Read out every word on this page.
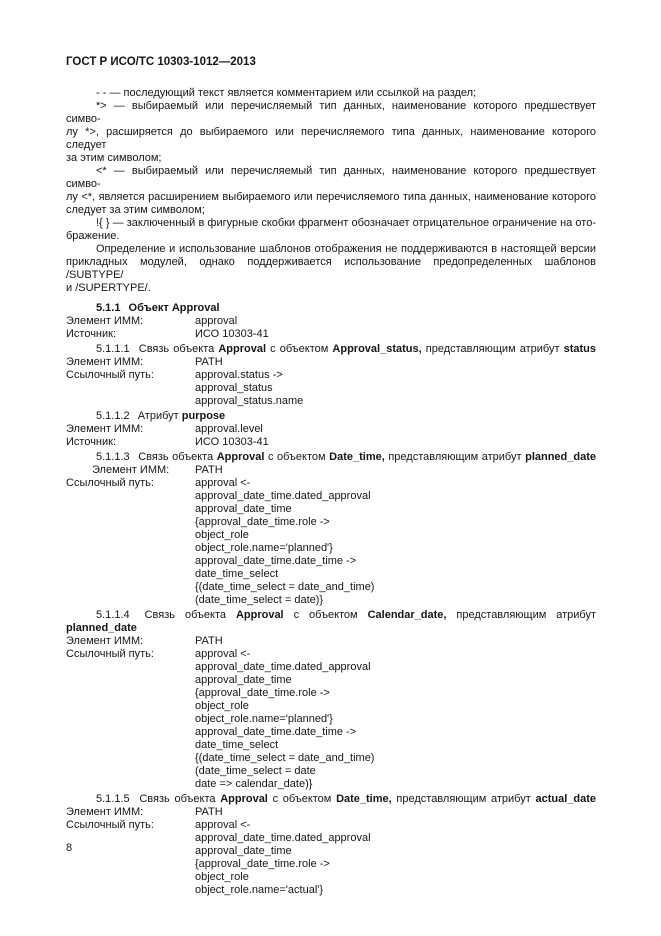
ГОСТ Р ИСО/ТС 10303-1012—2013
- - — последующий текст является комментарием или ссылкой на раздел;
*> — выбираемый или перечисляемый тип данных, наименование которого предшествует симво-
лу *>, расширяется до выбираемого или перечисляемого типа данных, наименование которого следует
за этим символом;
<* — выбираемый или перечисляемый тип данных, наименование которого предшествует симво-
лу <*, является расширением выбираемого или перечисляемого типа данных, наименование которого
следует за этим символом;
!{ } — заключенный в фигурные скобки фрагмент обозначает отрицательное ограничение на ото-
бражение.
Определение и использование шаблонов отображения не поддерживаются в настоящей версии
прикладных модулей, однако поддерживается использование предопределенных шаблонов /SUBTYPE/
и /SUPERTYPE/.
5.1.1 Объект Approval
Элемент ИММ:	approval
Источник:	ИСО 10303-41
5.1.1.1 Связь объекта Approval с объектом Approval_status, представляющим атрибут status
Элемент ИММ:	PATH
Ссылочный путь:	approval.status ->
approval_status
approval_status.name
5.1.1.2 Атрибут purpose
Элемент ИММ:	approval.level
Источник:	ИСО 10303-41
5.1.1.3 Связь объекта Approval с объектом Date_time, представляющим атрибут planned_date
Элемент ИММ:	PATH
Ссылочный путь:	approval <-
approval_date_time.dated_approval
approval_date_time
{approval_date_time.role ->
object_role
object_role.name='planned'}
approval_date_time.date_time ->
date_time_select
{(date_time_select = date_and_time)
(date_time_select = date)}
5.1.1.4 Связь объекта Approval с объектом Calendar_date, представляющим атрибут
planned_date
Элемент ИММ:	PATH
Ссылочный путь:	approval <-
approval_date_time.dated_approval
approval_date_time
{approval_date_time.role ->
object_role
object_role.name='planned'}
approval_date_time.date_time ->
date_time_select
{(date_time_select = date_and_time)
(date_time_select = date
date => calendar_date)}
5.1.1.5 Связь объекта Approval с объектом Date_time, представляющим атрибут actual_date
Элемент ИММ:	PATH
Ссылочный путь:	approval <-
approval_date_time.dated_approval
approval_date_time
{approval_date_time.role ->
object_role
object_role.name='actual'}
8
